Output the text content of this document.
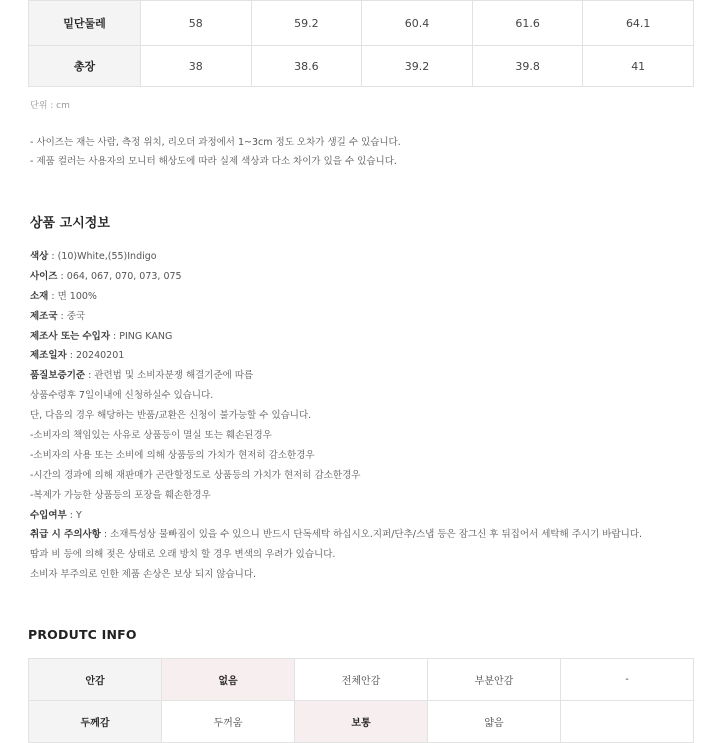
밑단둘레	58	59.2	60.4	61.6	64.1
총장	38	38.6	39.2	39.8	41
단위 : cm
- 사이즈는 재는 사람, 측정 위치, 리오더 과정에서 1~3cm 정도 오차가 생길 수 있습니다.
- 제품 컬러는 사용자의 모니터 해상도에 따라 실제 색상과 다소 차이가 있을 수 있습니다.
상품 고시정보
색상 : (10)White,(55)Indigo
사이즈 : 064, 067, 070, 073, 075
소재 : 면 100%
제조국 : 중국
제조사 또는 수입자 : PING KANG
제조일자 : 20240201
품질보증기준 : 관련법 및 소비자분쟁 해결기준에 따름
상품수령후 7일이내에 신청하실수 있습니다.
단, 다음의 경우 해당하는 반품/교환은 신청이 불가능할 수 있습니다.
-소비자의 책임있는 사유로 상품등이 멸실 또는 훼손된경우
-소비자의 사용 또는 소비에 의해 상품등의 가치가 현저히 감소한경우
-시간의 경과에 의해 재판매가 곤란할정도로 상품등의 가치가 현저히 감소한경우
-복제가 가능한 상품등의 포장을 훼손한경우
수입여부 : Y
취급 시 주의사항 : 소재특성상 물빠짐이 있을 수 있으니 반드시 단독세탁 하십시오.지퍼/단추/스냅 등은 잠그신 후 뒤집어서 세탁해 주시기 바랍니다.
땀과 비 등에 의해 젖은 상태로 오래 방치 할 경우 변색의 우려가 있습니다.
소비자 부주의로 인한 제품 손상은 보상 되지 않습니다.
PRODUTC INFO
안감	없음	전체안감	부분안감	-
두께감	두꺼움	보통	얇음	
